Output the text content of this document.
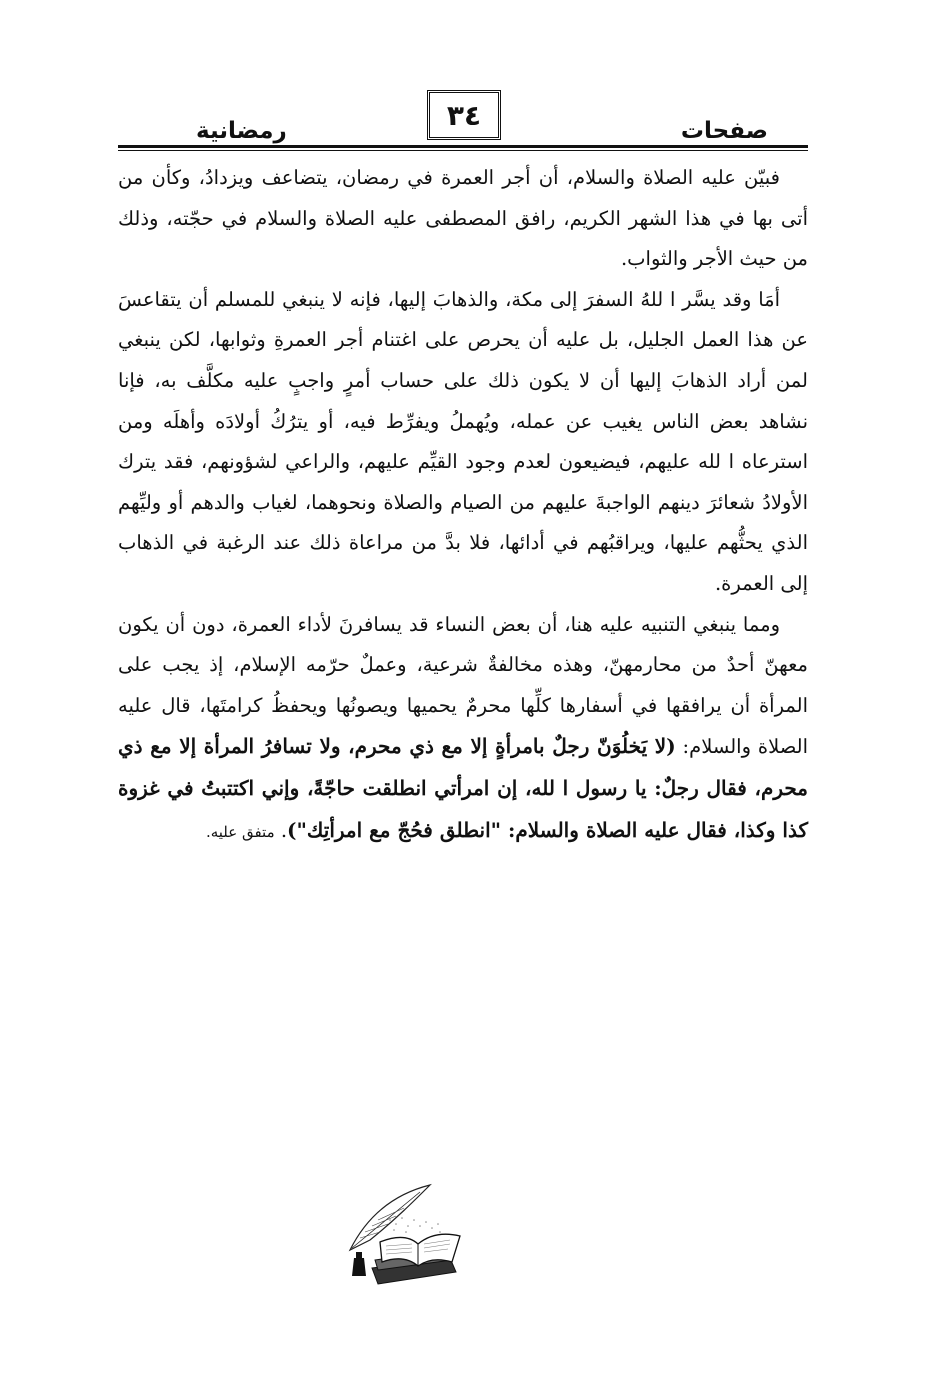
رمضانية	٣٤	صفحات

فبيّن عليه الصلاة والسلام، أن أجر العمرة في رمضان، يتضاعف ويزدادُ، وكأن من أتى بها في هذا الشهر الكريم، رافق المصطفى عليه الصلاة والسلام في حجّته، وذلك من حيث الأجر والثواب.

أمَا وقد يسَّر ا للهُ السفرَ إلى مكة، والذهابَ إليها، فإنه لا ينبغي للمسلم أن يتقاعسَ عن هذا العمل الجليل، بل عليه أن يحرص على اغتنام أجر العمرةِ وثوابها، لكن ينبغي لمن أراد الذهابَ إليها أن لا يكون ذلك على حساب أمرٍ واجبٍ عليه مكلَّف به، فإنا نشاهد بعض الناس يغيب عن عمله، ويُهملُ ويفرِّط فيه، أو يترُكُ أولادَه وأهلَه ومن استرعاه ا لله عليهم، فيضيعون لعدم وجود القيِّم عليهم، والراعي لشؤونهم، فقد يترك الأولادُ شعائرَ دينهم الواجبةَ عليهم من الصيام والصلاة ونحوهما، لغياب والدهم أو وليِّهم الذي يحثُّهم عليها، ويراقبُهم في أدائها، فلا بدَّ من مراعاة ذلك عند الرغبة في الذهاب إلى العمرة.

ومما ينبغي التنبيه عليه هنا، أن بعض النساء قد يسافرنَ لأداء العمرة، دون أن يكون معهنّ أحدٌ من محارمهنّ، وهذه مخالفةٌ شرعية، وعملٌ حرّمه الإسلام، إذ يجب على المرأة أن يرافقها في أسفارها كلِّها محرمٌ يحميها ويصونُها ويحفظُ كرامتَها، قال عليه الصلاة والسلام: (لا يَخلُوَنّ رجلٌ بامرأةٍ إلا مع ذي محرم، ولا تسافرُ المرأة إلا مع ذي محرم، فقال رجلٌ: يا رسول ا لله، إن امرأتي انطلقت حاجّةً، وإني اكتتبتُ في غزوة كذا وكذا، فقال عليه الصلاة والسلام: "انطلق فحُجّ مع امرأتِك"). متفق عليه.
